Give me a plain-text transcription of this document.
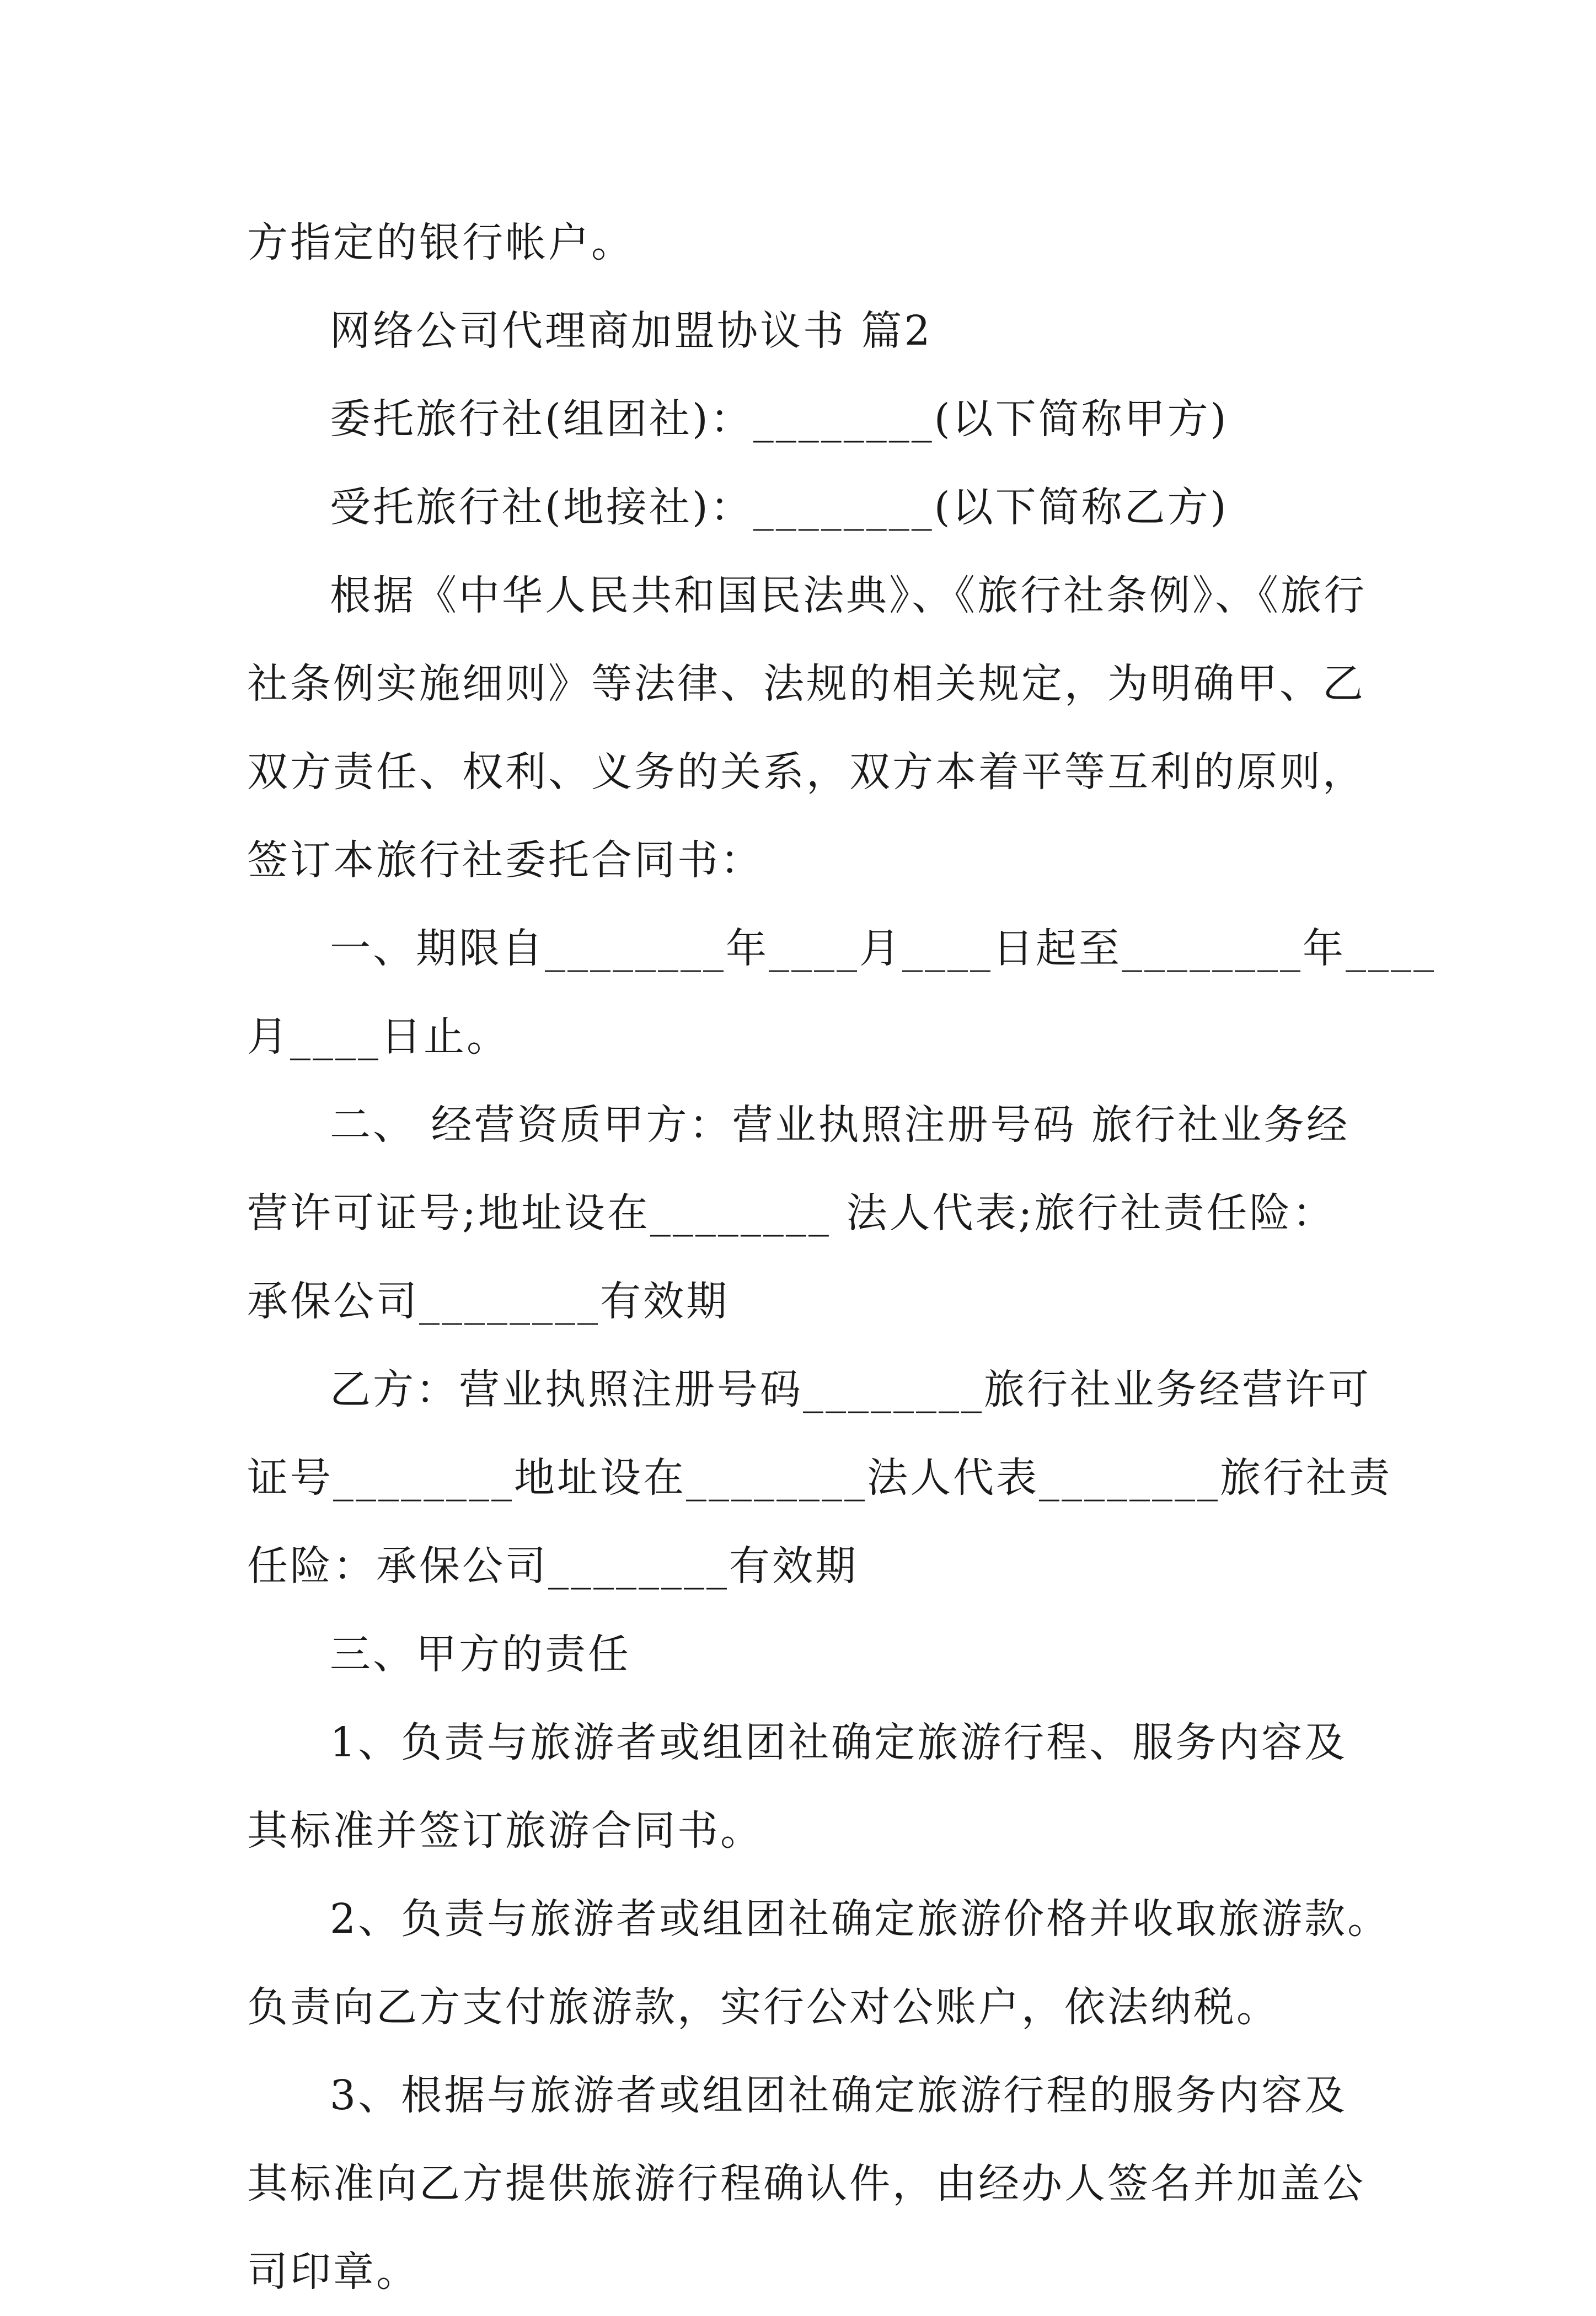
方指定的银行帐户。
网络公司代理商加盟协议书 篇2
委托旅行社(组团社)：________(以下简称甲方)
受托旅行社(地接社)：________(以下简称乙方)
根据《中华人民共和国民法典》、《旅行社条例》、《旅行
社条例实施细则》等法律、法规的相关规定，为明确甲、乙
双方责任、权利、义务的关系，双方本着平等互利的原则，
签订本旅行社委托合同书：
一、期限自________年____月____日起至________年____
月____日止。
二、 经营资质甲方：营业执照注册号码 旅行社业务经
营许可证号;地址设在________ 法人代表;旅行社责任险：
承保公司________有效期
乙方：营业执照注册号码________旅行社业务经营许可
证号________地址设在________法人代表________旅行社责
任险：承保公司________有效期
三、甲方的责任
1、负责与旅游者或组团社确定旅游行程、服务内容及
其标准并签订旅游合同书。
2、负责与旅游者或组团社确定旅游价格并收取旅游款。
负责向乙方支付旅游款，实行公对公账户，依法纳税。
3、根据与旅游者或组团社确定旅游行程的服务内容及
其标准向乙方提供旅游行程确认件，由经办人签名并加盖公
司印章。
